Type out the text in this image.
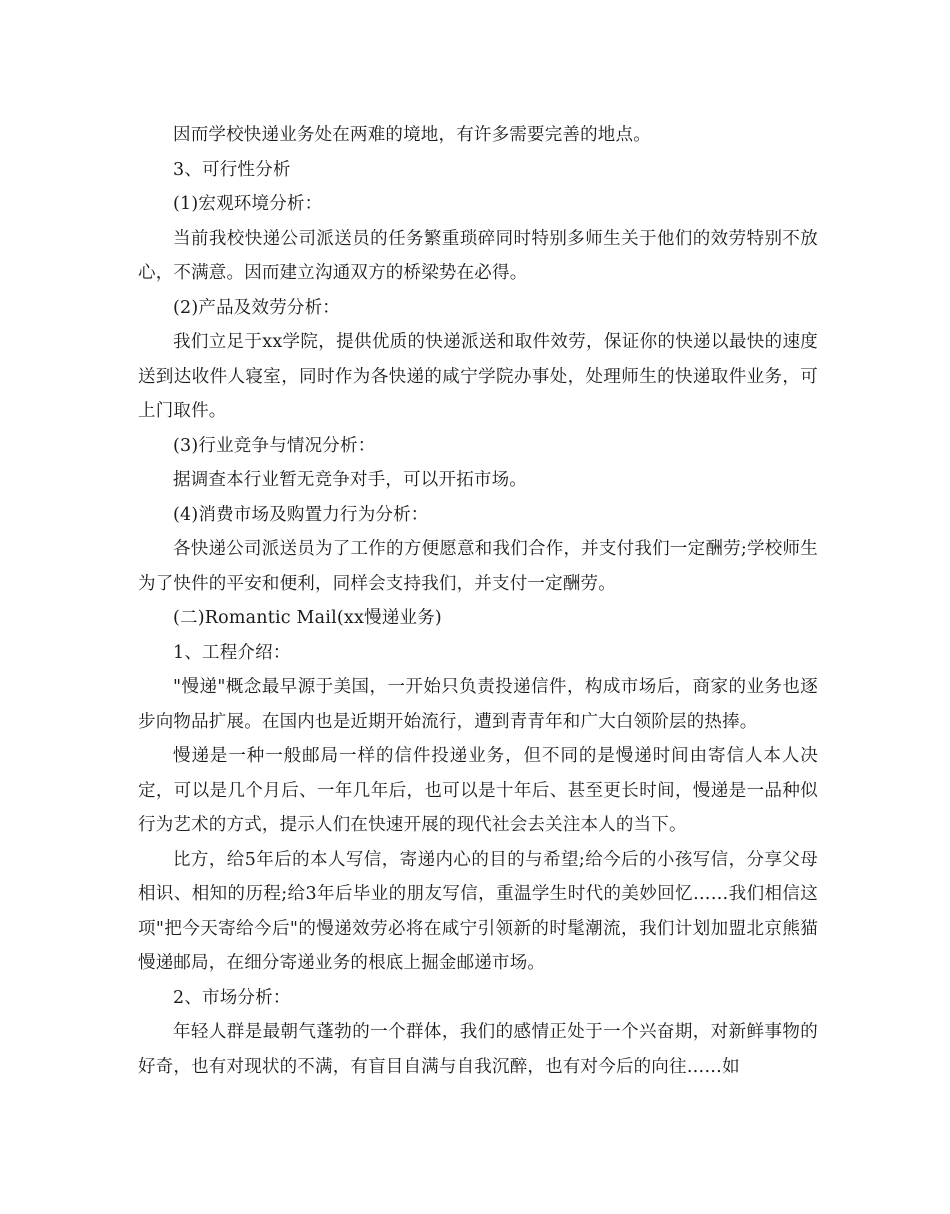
因而学校快递业务处在两难的境地，有许多需要完善的地点。

3、可行性分析

(1)宏观环境分析：

当前我校快递公司派送员的任务繁重琐碎同时特别多师生关于他们的效劳特别不放心，不满意。因而建立沟通双方的桥梁势在必得。

(2)产品及效劳分析：

我们立足于xx学院，提供优质的快递派送和取件效劳，保证你的快递以最快的速度送到达收件人寝室，同时作为各快递的咸宁学院办事处，处理师生的快递取件业务，可上门取件。

(3)行业竞争与情况分析：

据调查本行业暂无竞争对手，可以开拓市场。

(4)消费市场及购置力行为分析：

各快递公司派送员为了工作的方便愿意和我们合作，并支付我们一定酬劳;学校师生为了快件的平安和便利，同样会支持我们，并支付一定酬劳。

(二)Romantic Mail(xx慢递业务)

1、工程介绍：

"慢递"概念最早源于美国，一开始只负责投递信件，构成市场后，商家的业务也逐步向物品扩展。在国内也是近期开始流行，遭到青青年和广大白领阶层的热捧。

慢递是一种一般邮局一样的信件投递业务，但不同的是慢递时间由寄信人本人决定，可以是几个月后、一年几年后，也可以是十年后、甚至更长时间，慢递是一品种似行为艺术的方式，提示人们在快速开展的现代社会去关注本人的当下。

比方，给5年后的本人写信，寄递内心的目的与希望;给今后的小孩写信，分享父母相识、相知的历程;给3年后毕业的朋友写信，重温学生时代的美妙回忆……我们相信这项"把今天寄给今后"的慢递效劳必将在咸宁引领新的时髦潮流，我们计划加盟北京熊猫慢递邮局，在细分寄递业务的根底上掘金邮递市场。

2、市场分析：

年轻人群是最朝气蓬勃的一个群体，我们的感情正处于一个兴奋期，对新鲜事物的好奇，也有对现状的不满，有盲目自满与自我沉醉，也有对今后的向往……如
